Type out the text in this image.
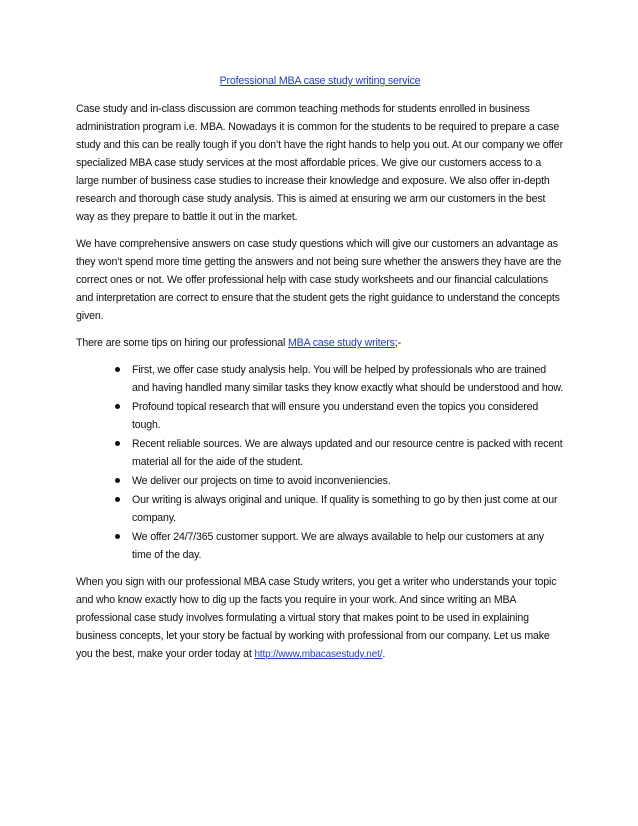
Professional MBA case study writing service

Case study and in-class discussion are common teaching methods for students enrolled in business administration program i.e. MBA. Nowadays it is common for the students to be required to prepare a case study and this can be really tough if you don’t have the right hands to help you out. At our company we offer specialized MBA case study services at the most affordable prices. We give our customers access to a large number of business case studies to increase their knowledge and exposure. We also offer in-depth research and thorough case study analysis. This is aimed at ensuring we arm our customers in the best way as they prepare to battle it out in the market.

We have comprehensive answers on case study questions which will give our customers an advantage as they won’t spend more time getting the answers and not being sure whether the answers they have are the correct ones or not. We offer professional help with case study worksheets and our financial calculations and interpretation are correct to ensure that the student gets the right guidance to understand the concepts given.

There are some tips on hiring our professional MBA case study writers;-

First, we offer case study analysis help. You will be helped by professionals who are trained and having handled many similar tasks they know exactly what should be understood and how.
Profound topical research that will ensure you understand even the topics you considered tough.
Recent reliable sources. We are always updated and our resource centre is packed with recent material all for the aide of the student.
We deliver our projects on time to avoid inconveniencies.
Our writing is always original and unique. If quality is something to go by then just come at our company.
We offer 24/7/365 customer support. We are always available to help our customers at any time of the day.

When you sign with our professional MBA case Study writers, you get a writer who understands your topic and who know exactly how to dig up the facts you require in your work. And since writing an MBA professional case study involves formulating a virtual story that makes point to be used in explaining business concepts, let your story be factual by working with professional from our company. Let us make you the best, make your order today at http://www.mbacasestudy.net/.
